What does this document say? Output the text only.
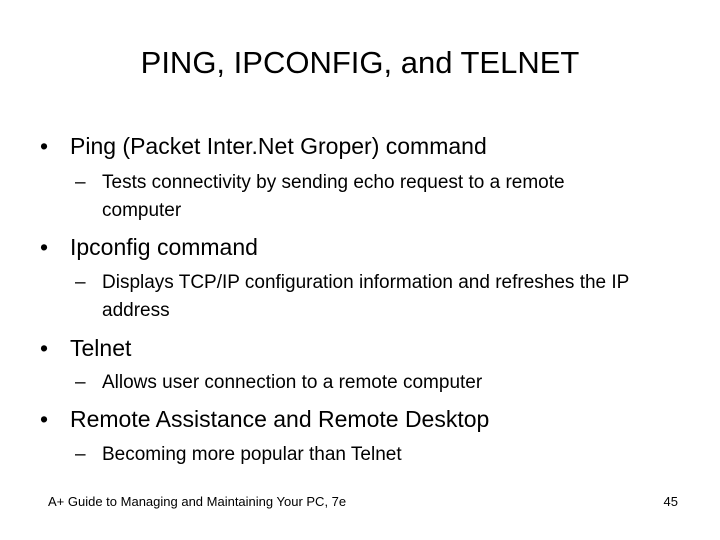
PING, IPCONFIG, and TELNET
• Ping (Packet Inter.Net Groper) command
– Tests connectivity by sending echo request to a remote computer
• Ipconfig command
– Displays TCP/IP configuration information and refreshes the IP address
• Telnet
– Allows user connection to a remote computer
• Remote Assistance and Remote Desktop
– Becoming more popular than Telnet
A+ Guide to Managing and Maintaining Your PC, 7e	45
